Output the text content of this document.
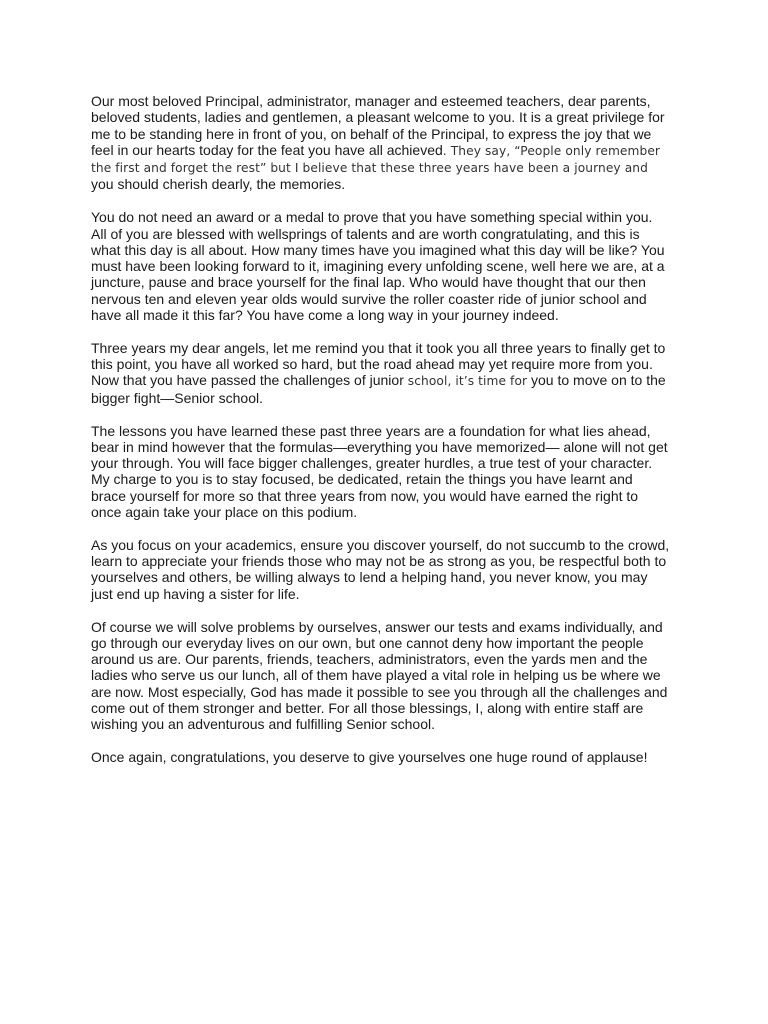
Our most beloved Principal, administrator, manager and esteemed teachers, dear parents, beloved students, ladies and gentlemen, a pleasant welcome to you. It is a great privilege for me to be standing here in front of you, on behalf of the Principal, to express the joy that we feel in our hearts today for the feat you have all achieved. They say, “People only remember the first and forget the rest” but I believe that these three years have been a journey and you should cherish dearly, the memories.

You do not need an award or a medal to prove that you have something special within you. All of you are blessed with wellsprings of talents and are worth congratulating, and this is what this day is all about. How many times have you imagined what this day will be like? You must have been looking forward to it, imagining every unfolding scene, well here we are, at a juncture, pause and brace yourself for the final lap. Who would have thought that our then nervous ten and eleven year olds would survive the roller coaster ride of junior school and have all made it this far? You have come a long way in your journey indeed.

Three years my dear angels, let me remind you that it took you all three years to finally get to this point, you have all worked so hard, but the road ahead may yet require more from you. Now that you have passed the challenges of junior school, it’s time for you to move on to the bigger fight—Senior school.

The lessons you have learned these past three years are a foundation for what lies ahead, bear in mind however that the formulas—everything you have memorized— alone will not get your through. You will face bigger challenges, greater hurdles, a true test of your character. My charge to you is to stay focused, be dedicated, retain the things you have learnt and brace yourself for more so that three years from now, you would have earned the right to once again take your place on this podium.

As you focus on your academics, ensure you discover yourself, do not succumb to the crowd, learn to appreciate your friends those who may not be as strong as you, be respectful both to yourselves and others, be willing always to lend a helping hand, you never know, you may just end up having a sister for life.

Of course we will solve problems by ourselves, answer our tests and exams individually, and go through our everyday lives on our own, but one cannot deny how important the people around us are. Our parents, friends, teachers, administrators, even the yards men and the ladies who serve us our lunch, all of them have played a vital role in helping us be where we are now. Most especially, God has made it possible to see you through all the challenges and come out of them stronger and better. For all those blessings, I, along with entire staff are wishing you an adventurous and fulfilling Senior school.

Once again, congratulations, you deserve to give yourselves one huge round of applause!
